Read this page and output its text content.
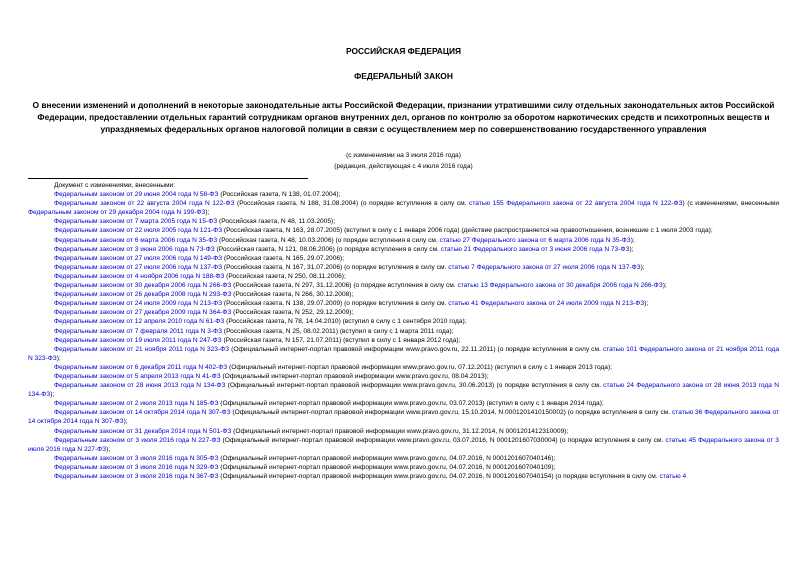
РОССИЙСКАЯ ФЕДЕРАЦИЯ
ФЕДЕРАЛЬНЫЙ ЗАКОН
О внесении изменений и дополнений в некоторые законодательные акты Российской Федерации, признании утратившими силу отдельных законодательных актов Российской Федерации, предоставлении отдельных гарантий сотрудникам органов внутренних дел, органов по контролю за оборотом наркотических средств и психотропных веществ и упраздняемых федеральных органов налоговой полиции в связи с осуществлением мер по совершенствованию государственного управления
(с изменениями на 3 июля 2016 года)
(редакция, действующая с 4 июля 2016 года)

Документ с изменениями, внесенными:

Федеральным законом от 29 июня 2004 года N 58-ФЗ (Российская газета, N 138, 01.07.2004);

Федеральным законом от 22 августа 2004 года N 122-ФЗ (Российская газета, N 188, 31.08.2004) (о порядке вступления в силу см. статью 155 Федерального закона от 22 августа 2004 года N 122-ФЗ) (с изменениями, внесенными Федеральным законом от 29 декабря 2004 года N 199-ФЗ);

Федеральным законом от 7 марта 2005 года N 15-ФЗ (Российская газета, N 48, 11.03.2005);

Федеральным законом от 22 июля 2005 года N 121-ФЗ (Российская газета, N 163, 28.07.2005) (вступил в силу с 1 января 2006 года) (действие распространяется на правоотношения, возникшие с 1 июля 2003 года);

Федеральным законом от 6 марта 2006 года N 35-ФЗ (Российская газета, N 48, 10.03.2006) (о порядке вступления в силу см. статью 27 Федерального закона от 6 марта 2006 года N 35-ФЗ);

Федеральным законом от 3 июня 2006 года N 73-ФЗ (Российская газета, N 121, 08.06.2006) (о порядке вступления в силу см. статью 21 Федерального закона от 3 июня 2006 года N 73-ФЗ);

Федеральным законом от 27 июля 2006 года N 149-ФЗ (Российская газета, N 165, 29.07.2006);

Федеральным законом от 27 июля 2006 года N 137-ФЗ (Российская газета, N 167, 31.07.2006) (о порядке вступления в силу см. статью 7 Федерального закона от 27 июля 2006 года N 137-ФЗ);

Федеральным законом от 4 ноября 2006 года N 188-ФЗ (Российская газета, N 250, 08.11.2006);

Федеральным законом от 30 декабря 2006 года N 266-ФЗ (Российская газета, N 297, 31.12.2006) (о порядке вступления в силу см. статью 13 Федерального закона от 30 декабря 2006 года N 266-ФЗ);

Федеральным законом от 26 декабря 2008 года N 293-ФЗ (Российская газета, N 266, 30.12.2008);

Федеральным законом от 24 июля 2009 года N 213-ФЗ (Российская газета, N 138, 29.07.2009) (о порядке вступления в силу см. статью 41 Федерального закона от 24 июля 2009 года N 213-ФЗ);

Федеральным законом от 27 декабря 2009 года N 364-ФЗ (Российская газета, N 252, 29.12.2009);

Федеральным законом от 12 апреля 2010 года N 61-ФЗ (Российская газета, N 78, 14.04.2010) (вступил в силу с 1 сентября 2010 года);

Федеральным законом от 7 февраля 2011 года N 3-ФЗ (Российская газета, N 25, 08.02.2011) (вступил в силу с 1 марта 2011 года);

Федеральным законом от 19 июля 2011 года N 247-ФЗ (Российская газета, N 157, 21.07.2011) (вступил в силу с 1 января 2012 года);

Федеральным законом от 21 ноября 2011 года N 323-ФЗ (Официальный интернет-портал правовой информации www.pravo.gov.ru, 22.11.2011) (о порядке вступления в силу см. статью 101 Федерального закона от 21 ноября 2011 года N 323-ФЗ);

Федеральным законом от 6 декабря 2011 года N 402-ФЗ (Официальный интернет-портал правовой информации www.pravo.gov.ru, 07.12.2011) (вступил в силу с 1 января 2013 года);

Федеральным законом от 5 апреля 2013 года N 41-ФЗ (Официальный интернет-портал правовой информации www.pravo.gov.ru, 08.04.2013);

Федеральным законом от 28 июня 2013 года N 134-ФЗ (Официальный интернет-портал правовой информации www.pravo.gov.ru, 30.06.2013) (о порядке вступления в силу см. статью 24 Федерального закона от 28 июня 2013 года N 134-ФЗ);

Федеральным законом от 2 июля 2013 года N 185-ФЗ (Официальный интернет-портал правовой информации www.pravo.gov.ru, 03.07.2013) (вступил в силу с 1 января 2014 года);

Федеральным законом от 14 октября 2014 года N 307-ФЗ (Официальный интернет-портал правовой информации www.pravo.gov.ru, 15.10.2014, N 0001201410150002) (о порядке вступления в силу см. статью 36 Федерального закона от 14 октября 2014 года N 307-ФЗ);

Федеральным законом от 31 декабря 2014 года N 501-ФЗ (Официальный интернет-портал правовой информации www.pravo.gov.ru, 31.12.2014, N 0001201412310009);

Федеральным законом от 3 июля 2016 года N 227-ФЗ (Официальный интернет-портал правовой информации www.pravo.gov.ru, 03.07.2016, N 0001201607030004) (о порядке вступления в силу см. статью 45 Федерального закона от 3 июля 2016 года N 227-ФЗ);

Федеральным законом от 3 июля 2016 года N 305-ФЗ (Официальный интернет-портал правовой информации www.pravo.gov.ru, 04.07.2016, N 0001201607040146);

Федеральным законом от 3 июля 2016 года N 329-ФЗ (Официальный интернет-портал правовой информации www.pravo.gov.ru, 04.07.2016, N 0001201607040109);

Федеральным законом от 3 июля 2016 года N 367-ФЗ (Официальный интернет-портал правовой информации www.pravo.gov.ru, 04.07.2016, N 0001201607040154) (о порядке вступления в силу см. статью 4
